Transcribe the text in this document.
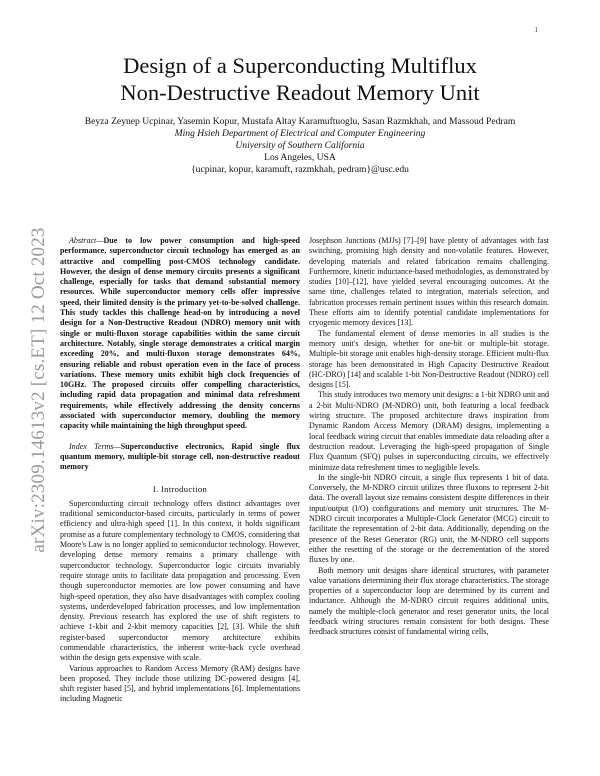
1
arXiv:2309.14613v2 [cs.ET] 12 Oct 2023
Design of a Superconducting Multiflux
Non-Destructive Readout Memory Unit
Beyza Zeynep Ucpinar, Yasemin Kopur, Mustafa Altay Karamuftuoglu, Sasan Razmkhah, and Massoud Pedram
Ming Hsieh Department of Electrical and Computer Engineering
University of Southern California
Los Angeles, USA
{ucpinar, kopur, karamuft, razmkhah, pedram}@usc.edu

Abstract—Due to low power consumption and high-speed performance, superconductor circuit technology has emerged as an attractive and compelling post-CMOS technology candidate. However, the design of dense memory circuits presents a significant challenge, especially for tasks that demand substantial memory resources. While superconductor memory cells offer impressive speed, their limited density is the primary yet-to-be-solved challenge. This study tackles this challenge head-on by introducing a novel design for a Non-Destructive Readout (NDRO) memory unit with single or multi-fluxon storage capabilities within the same circuit architecture. Notably, single storage demonstrates a critical margin exceeding 20%, and multi-fluxon storage demonstrates 64%, ensuring reliable and robust operation even in the face of process variations. These memory units exhibit high clock frequencies of 10GHz. The proposed circuits offer compelling characteristics, including rapid data propagation and minimal data refreshment requirements, while effectively addressing the density concerns associated with superconductor memory, doubling the memory capacity while maintaining the high throughput speed.

Index Terms—Superconductive electronics, Rapid single flux quantum memory, multiple-bit storage cell, non-destructive readout memory

I. Introduction

Superconducting circuit technology offers distinct advantages over traditional semiconductor-based circuits, particularly in terms of power efficiency and ultra-high speed [1]. In this context, it holds significant promise as a future complementary technology to CMOS, considering that Moore's Law is no longer applied to semiconductor technology. However, developing dense memory remains a primary challenge with superconductor technology. Superconductor logic circuits invariably require storage units to facilitate data propagation and processing. Even though superconductor memories are low power consuming and have high-speed operation, they also have disadvantages with complex cooling systems, underdeveloped fabrication processes, and low implementation density. Previous research has explored the use of shift registers to achieve 1-kbit and 2-kbit memory capacities [2], [3]. While the shift register-based superconductor memory architecture exhibits commendable characteristics, the inherent write-back cycle overhead within the design gets expensive with scale.

Various approaches to Random Access Memory (RAM) designs have been proposed. They include those utilizing DC-powered designs [4], shift register based [5], and hybrid implementations [6]. Implementations including Magnetic

Josephson Junctions (MJJs) [7]–[9] have plenty of advantages with fast switching, promising high density and non-volatile features. However, developing materials and related fabrication remains challenging. Furthermore, kinetic inductance-based methodologies, as demonstrated by studies [10]–[12], have yielded several encouraging outcomes. At the same time, challenges related to integration, materials selection, and fabrication processes remain pertinent issues within this research domain. These efforts aim to identify potential candidate implementations for cryogenic memory devices [13].

The fundamental element of dense memories in all studies is the memory unit's design, whether for one-bit or multiple-bit storage. Multiple-bit storage unit enables high-density storage. Efficient multi-flux storage has been demonstrated in High Capacity Destructive Readout (HC-DRO) [14] and scalable 1-bit Non-Destructive Readout (NDRO) cell designs [15].

This study introduces two memory unit designs: a 1-bit NDRO unit and a 2-bit Multi-NDRO (M-NDRO) unit, both featuring a local feedback wiring structure. The proposed architecture draws inspiration from Dynamic Random Access Memory (DRAM) designs, implementing a local feedback wiring circuit that enables immediate data reloading after a destruction readout. Leveraging the high-speed propagation of Single Flux Quantum (SFQ) pulses in superconducting circuits, we effectively minimize data refreshment times to negligible levels.

In the single-bit NDRO circuit, a single flux represents 1 bit of data. Conversely, the M-NDRO circuit utilizes three fluxons to represent 2-bit data. The overall layout size remains consistent despite differences in their input/output (I/O) configurations and memory unit structures. The M-NDRO circuit incorporates a Multiple-Clock Generator (MCG) circuit to facilitate the representation of 2-bit data. Additionally, depending on the presence of the Reset Generator (RG) unit, the M-NDRO cell supports either the resetting of the storage or the decrementation of the stored fluxes by one.

Both memory unit designs share identical structures, with parameter value variations determining their flux storage characteristics. The storage properties of a superconductor loop are determined by its current and inductance. Although the M-NDRO circuit requires additional units, namely the multiple-clock generator and reset generator units, the local feedback wiring structures remain consistent for both designs. These feedback structures consist of fundamental wiring cells,
